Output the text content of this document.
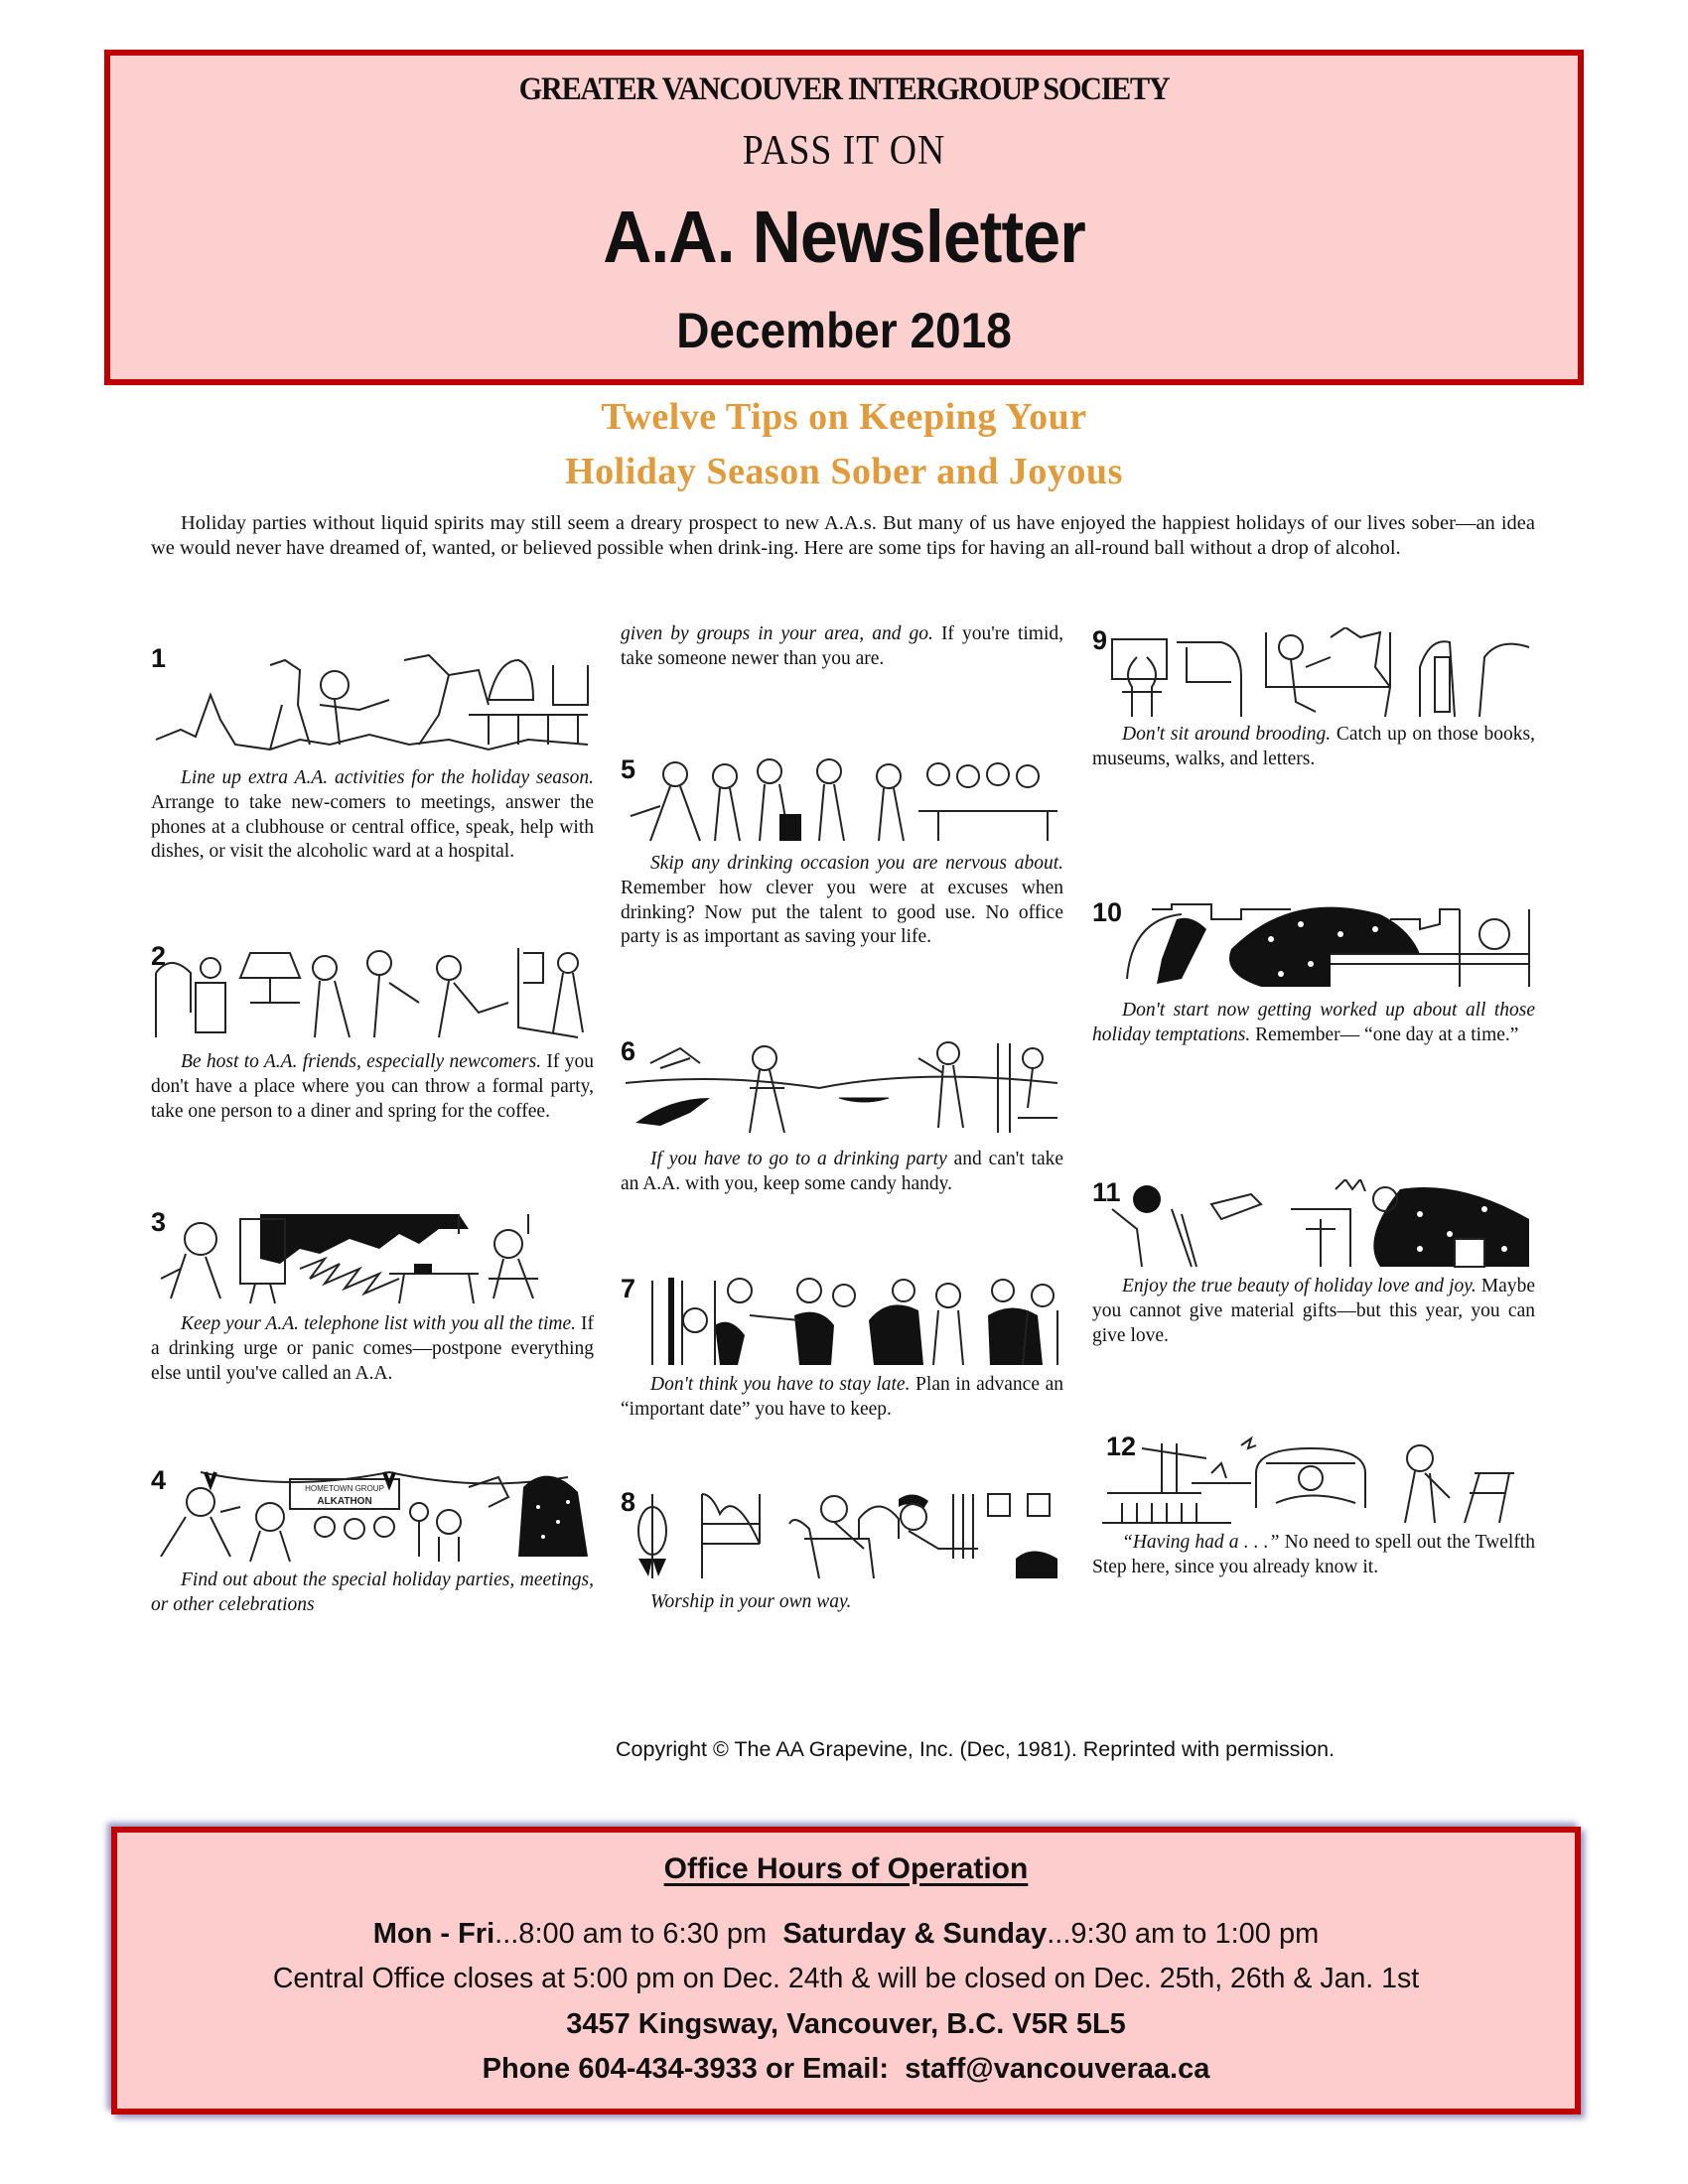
GREATER VANCOUVER INTERGROUP SOCIETY
PASS IT ON
A.A. Newsletter
December 2018
Twelve Tips on Keeping Your
Holiday Season Sober and Joyous
Holiday parties without liquid spirits may still seem a dreary prospect to new A.A.s. But many of us have enjoyed the happiest holidays of our lives sober—an idea we would never have dreamed of, wanted, or believed possible when drink-ing. Here are some tips for having an all-round ball without a drop of alcohol.
1
Line up extra A.A. activities for the holiday season. Arrange to take new-comers to meetings, answer the phones at a clubhouse or central office, speak, help with dishes, or visit the alcoholic ward at a hospital.
2
Be host to A.A. friends, especially newcomers. If you don't have a place where you can throw a formal party, take one person to a diner and spring for the coffee.
3
Keep your A.A. telephone list with you all the time. If a drinking urge or panic comes—postpone everything else until you've called an A.A.
4	HOMETOWN GROUP
ALKATHON
Find out about the special holiday parties, meetings, or other celebrations
given by groups in your area, and go. If you're timid, take someone newer than you are.
5
Skip any drinking occasion you are nervous about. Remember how clever you were at excuses when drinking? Now put the talent to good use. No office party is as important as saving your life.
6
If you have to go to a drinking party and can't take an A.A. with you, keep some candy handy.
7
Don't think you have to stay late. Plan in advance an “important date” you have to keep.
8
Worship in your own way.
9
Don't sit around brooding. Catch up on those books, museums, walks, and letters.
10
Don't start now getting worked up about all those holiday temptations. Remember— “one day at a time.”
11
Enjoy the true beauty of holiday love and joy. Maybe you cannot give material gifts—but this year, you can give love.
12
“Having had a . . .” No need to spell out the Twelfth Step here, since you already know it.
Copyright © The AA Grapevine, Inc. (Dec, 1981). Reprinted with permission.
Office Hours of Operation
Mon - Fri...8:00 am to 6:30 pm Saturday & Sunday...9:30 am to 1:00 pm
Central Office closes at 5:00 pm on Dec. 24th & will be closed on Dec. 25th, 26th & Jan. 1st
3457 Kingsway, Vancouver, B.C. V5R 5L5
Phone 604-434-3933 or Email:  staff@vancouveraa.ca
